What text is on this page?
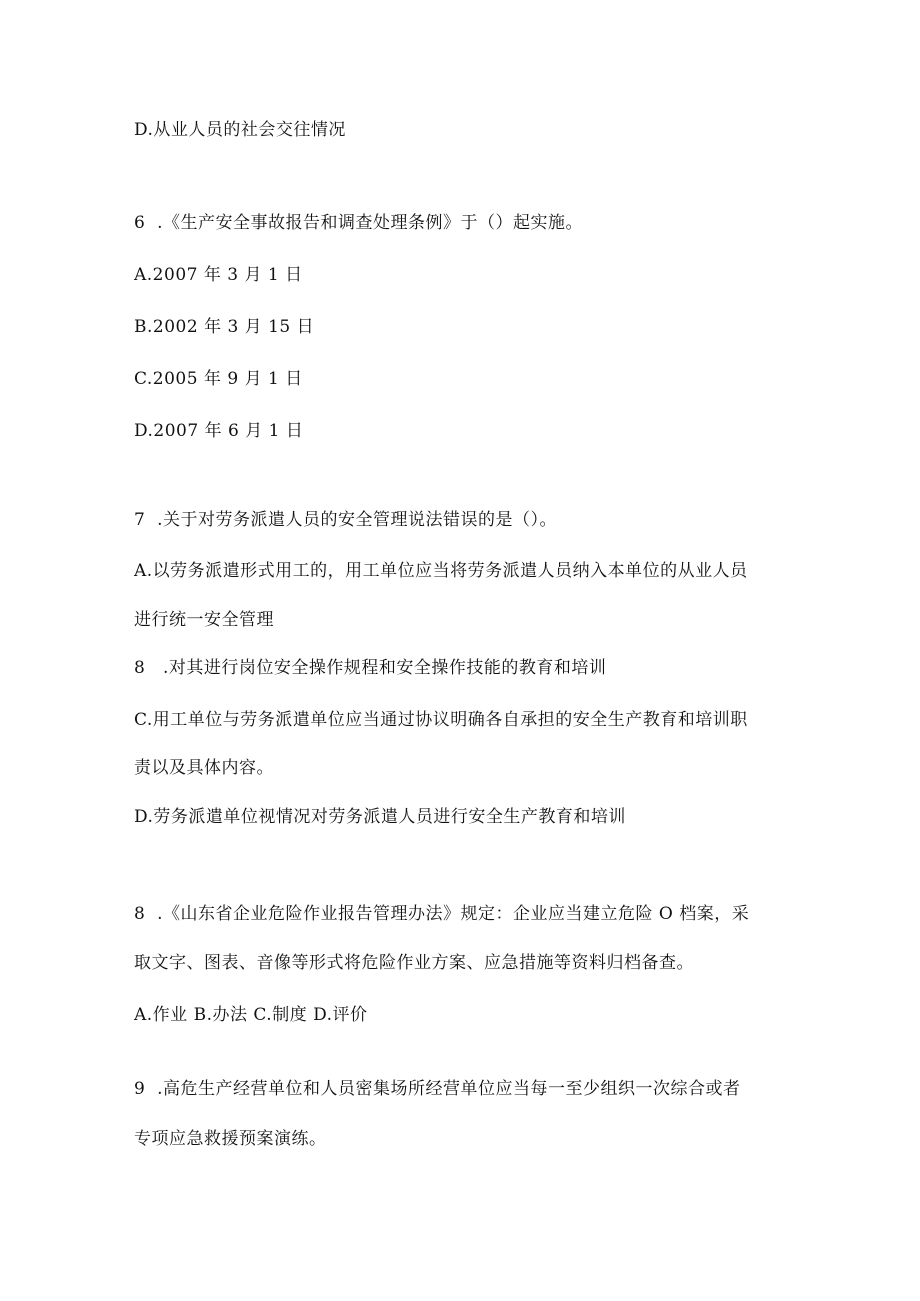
D.从业人员的社会交往情况
6  .《生产安全事故报告和调查处理条例》于（）起实施。
A.2007 年 3 月 1 日
B.2002 年 3 月 15 日
C.2005 年 9 月 1 日
D.2007 年 6 月 1 日
7  .关于对劳务派遣人员的安全管理说法错误的是（）。
A.以劳务派遣形式用工的，用工单位应当将劳务派遣人员纳入本单位的从业人员
进行统一安全管理
8   .对其进行岗位安全操作规程和安全操作技能的教育和培训
C.用工单位与劳务派遣单位应当通过协议明确各自承担的安全生产教育和培训职
责以及具体内容。
D.劳务派遣单位视情况对劳务派遣人员进行安全生产教育和培训
8  .《山东省企业危险作业报告管理办法》规定：企业应当建立危险 O 档案，采
取文字、图表、音像等形式将危险作业方案、应急措施等资料归档备查。
A.作业 B.办法 C.制度 D.评价
9  .高危生产经营单位和人员密集场所经营单位应当每一至少组织一次综合或者
专项应急救援预案演练。
